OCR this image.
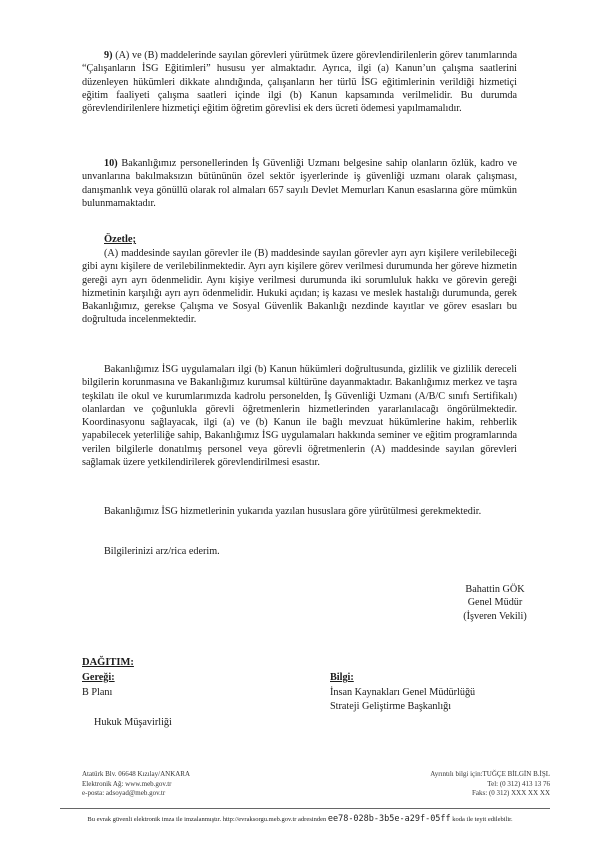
9) (A) ve (B) maddelerinde sayılan görevleri yürütmek üzere görevlendirilenlerin görev tanımlarında “Çalışanların İSG Eğitimleri” hususu yer almaktadır. Ayrıca, ilgi (a) Kanun’un çalışma saatlerini düzenleyen hükümleri dikkate alındığında, çalışanların her türlü İSG eğitimlerinin verildiği hizmetiçi eğitim faaliyeti çalışma saatleri içinde ilgi (b) Kanun kapsamında verilmelidir. Bu durumda görevlendirilenlere hizmetiçi eğitim öğretim görevlisi ek ders ücreti ödemesi yapılmamalıdır.

10) Bakanlığımız personellerinden İş Güvenliği Uzmanı belgesine sahip olanların özlük, kadro ve unvanlarına bakılmaksızın bütününün özel sektör işyerlerinde iş güvenliği uzmanı olarak çalışması, danışmanlık veya gönüllü olarak rol almaları 657 sayılı Devlet Memurları Kanun esaslarına göre mümkün bulunmamaktadır.

Özetle;

(A) maddesinde sayılan görevler ile (B) maddesinde sayılan görevler ayrı ayrı kişilere verilebileceği gibi aynı kişilere de verilebilinmektedir. Ayrı ayrı kişilere görev verilmesi durumunda her göreve hizmetin gereği ayrı ayrı ödenmelidir. Aynı kişiye verilmesi durumunda iki sorumluluk hakkı ve görevin gereği hizmetinin karşılığı ayrı ayrı ödenmelidir. Hukuki açıdan; iş kazası ve meslek hastalığı durumunda, gerek Bakanlığımız, gerekse Çalışma ve Sosyal Güvenlik Bakanlığı nezdinde kayıtlar ve görev esasları bu doğrultuda incelenmektedir.

Bakanlığımız İSG uygulamaları ilgi (b) Kanun hükümleri doğrultusunda, gizlilik ve gizlilik dereceli bilgilerin korunmasına ve Bakanlığımız kurumsal kültürüne dayanmaktadır. Bakanlığımız merkez ve taşra teşkilatı ile okul ve kurumlarımızda kadrolu personelden, İş Güvenliği Uzmanı (A/B/C sınıfı Sertifikalı) olanlardan ve çoğunlukla görevli öğretmenlerin hizmetlerinden yararlanılacağı öngörülmektedir. Koordinasyonu sağlayacak, ilgi (a) ve (b) Kanun ile bağlı mevzuat hükümlerine hakim, rehberlik yapabilecek yeterliliğe sahip, Bakanlığımız İSG uygulamaları hakkında seminer ve eğitim programlarında verilen bilgilerle donatılmış personel veya görevli öğretmenlerin (A) maddesinde sayılan görevleri sağlamak üzere yetkilendirilerek görevlendirilmesi esastır.

Bakanlığımız İSG hizmetlerinin yukarıda yazılan hususlara göre yürütülmesi gerekmektedir.

Bilgilerinizi arz/rica ederim.

Bahattin GÖK
Genel Müdür
(İşveren Vekili)
DAĞITIM:
Gereği:
B Planı
Hukuk Müşavirliği
Bilgi:
İnsan Kaynakları Genel Müdürlüğü
Strateji Geliştirme Başkanlığı
Atatürk Blv. 06648 Kızılay/ANKARA
Elektronik Ağ: www.meb.gov.tr
e-posta: adsoyad@meb.gov.tr
Ayrıntılı bilgi için:TUĞÇE BİLGİN B.İŞL
Tel: (0 312) 413 13 76
Faks: (0 312) XXX XX XX
Bu evrak güvenli elektronik imza ile imzalanmıştır. http://evraksorgu.meb.gov.tr adresinden ee78-028b-3b5e-a29f-05ff koda ile teyit edilebilir.
